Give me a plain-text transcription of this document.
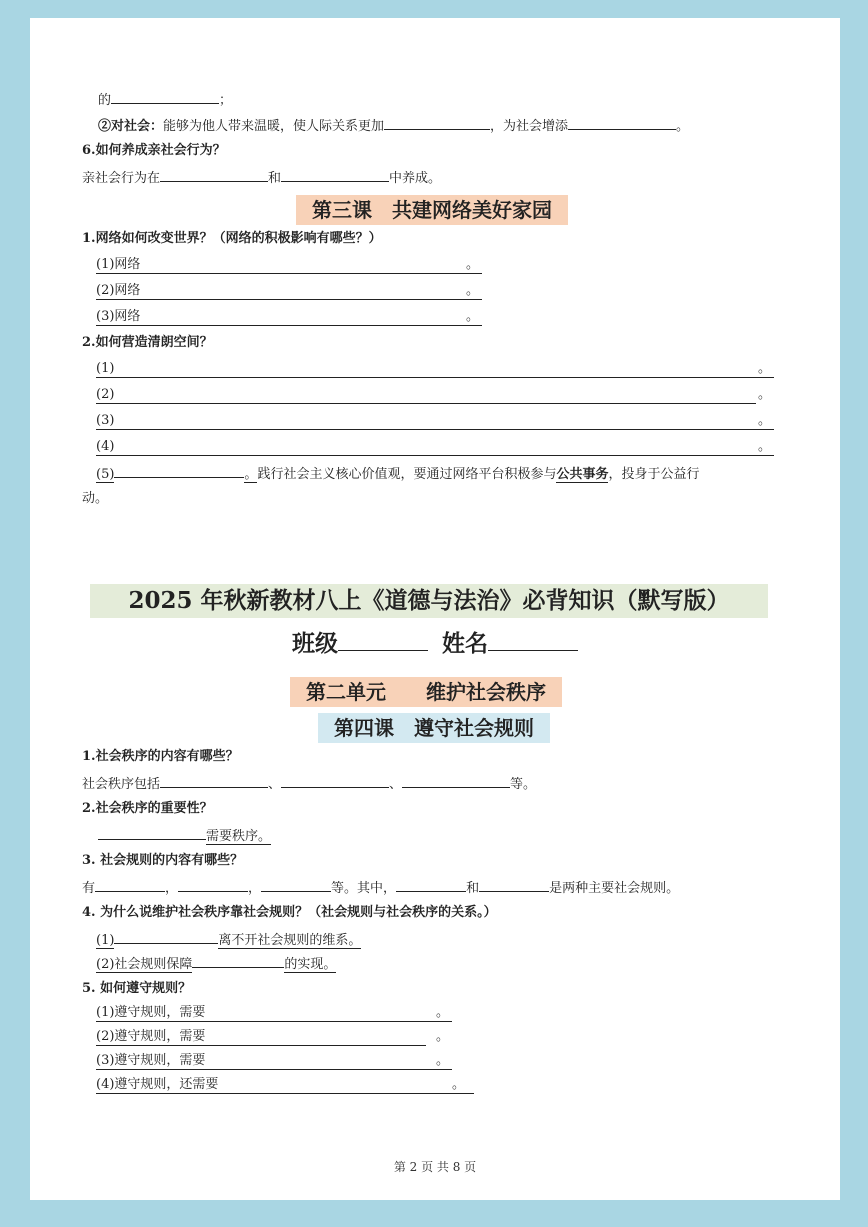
的	；
②对社会：能够为他人带来温暖，使人际关系更加	，为社会增添	。
6.如何养成亲社会行为？
亲社会行为在	和	中养成。
第三课　共建网络美好家园
1.网络如何改变世界？（网络的积极影响有哪些？）
(1)网络	。
(2)网络	。
(3)网络	。
2.如何营造清朗空间？
(1)	。
(2)	。
(3)	。
(4)	。
(5)	。践行社会主义核心价值观，要通过网络平台积极参与公共事务，投身于公益行
动。
2025 年秋新教材八上《道德与法治》必背知识（默写版）
班级	姓名
第二单元　　维护社会秩序
第四课　遵守社会规则
1.社会秩序的内容有哪些？
社会秩序包括	、	、	等。
2.社会秩序的重要性？
需要秩序。
3. 社会规则的内容有哪些？
有	，	，	等。其中，	和	是两种主要社会规则。
4. 为什么说维护社会秩序靠社会规则？（社会规则与社会秩序的关系。）
(1)	离不开社会规则的维系。
(2)社会规则保障	的实现。
5. 如何遵守规则？
(1)遵守规则，需要	。
(2)遵守规则，需要	。
(3)遵守规则，需要	。
(4)遵守规则，还需要	。
第 2 页 共 8 页
